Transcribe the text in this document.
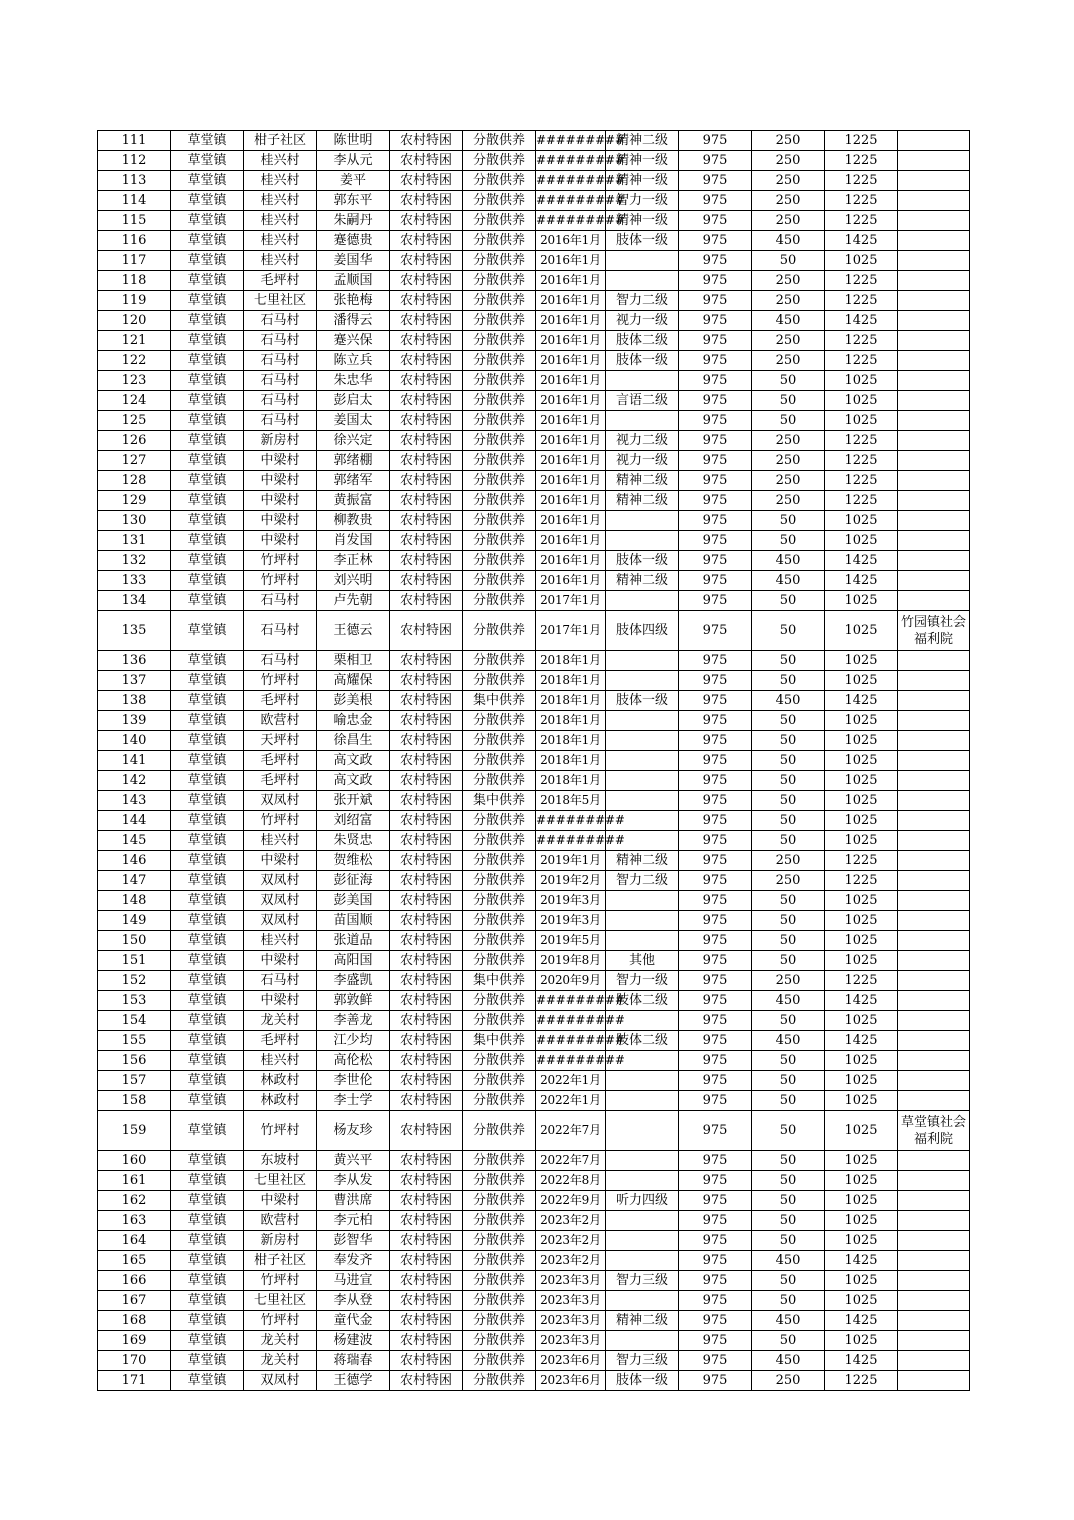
111	草堂镇	柑子社区	陈世明	农村特困	分散供养	#########	精神二级	975	250	1225	
112	草堂镇	桂兴村	李从元	农村特困	分散供养	#########	精神一级	975	250	1225	
113	草堂镇	桂兴村	姜平	农村特困	分散供养	#########	精神一级	975	250	1225	
114	草堂镇	桂兴村	郭东平	农村特困	分散供养	#########	智力一级	975	250	1225	
115	草堂镇	桂兴村	朱嗣丹	农村特困	分散供养	#########	精神一级	975	250	1225	
116	草堂镇	桂兴村	蹇德贵	农村特困	分散供养	2016年1月	肢体一级	975	450	1425	
117	草堂镇	桂兴村	姜国华	农村特困	分散供养	2016年1月		975	50	1025	
118	草堂镇	毛坪村	孟顺国	农村特困	分散供养	2016年1月		975	250	1225	
119	草堂镇	七里社区	张艳梅	农村特困	分散供养	2016年1月	智力二级	975	250	1225	
120	草堂镇	石马村	潘得云	农村特困	分散供养	2016年1月	视力一级	975	450	1425	
121	草堂镇	石马村	蹇兴保	农村特困	分散供养	2016年1月	肢体二级	975	250	1225	
122	草堂镇	石马村	陈立兵	农村特困	分散供养	2016年1月	肢体一级	975	250	1225	
123	草堂镇	石马村	朱忠华	农村特困	分散供养	2016年1月		975	50	1025	
124	草堂镇	石马村	彭启太	农村特困	分散供养	2016年1月	言语二级	975	50	1025	
125	草堂镇	石马村	姜国太	农村特困	分散供养	2016年1月		975	50	1025	
126	草堂镇	新房村	徐兴定	农村特困	分散供养	2016年1月	视力二级	975	250	1225	
127	草堂镇	中梁村	郭绪棚	农村特困	分散供养	2016年1月	视力一级	975	250	1225	
128	草堂镇	中梁村	郭绪军	农村特困	分散供养	2016年1月	精神二级	975	250	1225	
129	草堂镇	中梁村	黄振富	农村特困	分散供养	2016年1月	精神二级	975	250	1225	
130	草堂镇	中梁村	柳教贵	农村特困	分散供养	2016年1月		975	50	1025	
131	草堂镇	中梁村	肖发国	农村特困	分散供养	2016年1月		975	50	1025	
132	草堂镇	竹坪村	李正林	农村特困	分散供养	2016年1月	肢体一级	975	450	1425	
133	草堂镇	竹坪村	刘兴明	农村特困	分散供养	2016年1月	精神二级	975	450	1425	
134	草堂镇	石马村	卢先朝	农村特困	分散供养	2017年1月		975	50	1025	
135	草堂镇	石马村	王德云	农村特困	分散供养	2017年1月	肢体四级	975	50	1025	竹园镇社会福利院
136	草堂镇	石马村	栗相卫	农村特困	分散供养	2018年1月		975	50	1025	
137	草堂镇	竹坪村	高耀保	农村特困	分散供养	2018年1月		975	50	1025	
138	草堂镇	毛坪村	彭美根	农村特困	集中供养	2018年1月	肢体一级	975	450	1425	
139	草堂镇	欧营村	喻忠金	农村特困	分散供养	2018年1月		975	50	1025	
140	草堂镇	天坪村	徐昌生	农村特困	分散供养	2018年1月		975	50	1025	
141	草堂镇	毛坪村	高文政	农村特困	分散供养	2018年1月		975	50	1025	
142	草堂镇	毛坪村	高文政	农村特困	分散供养	2018年1月		975	50	1025	
143	草堂镇	双凤村	张开斌	农村特困	集中供养	2018年5月		975	50	1025	
144	草堂镇	竹坪村	刘绍富	农村特困	分散供养	#########		975	50	1025	
145	草堂镇	桂兴村	朱贤忠	农村特困	分散供养	#########		975	50	1025	
146	草堂镇	中梁村	贺维松	农村特困	分散供养	2019年1月	精神二级	975	250	1225	
147	草堂镇	双凤村	彭征海	农村特困	分散供养	2019年2月	智力二级	975	250	1225	
148	草堂镇	双凤村	彭美国	农村特困	分散供养	2019年3月		975	50	1025	
149	草堂镇	双凤村	苗国顺	农村特困	分散供养	2019年3月		975	50	1025	
150	草堂镇	桂兴村	张道品	农村特困	分散供养	2019年5月		975	50	1025	
151	草堂镇	中梁村	高阳国	农村特困	分散供养	2019年8月	其他	975	50	1025	
152	草堂镇	石马村	李盛凯	农村特困	集中供养	2020年9月	智力一级	975	250	1225	
153	草堂镇	中梁村	郭敦鲜	农村特困	分散供养	#########	肢体二级	975	450	1425	
154	草堂镇	龙关村	李善龙	农村特困	分散供养	#########		975	50	1025	
155	草堂镇	毛坪村	江少均	农村特困	集中供养	#########	肢体二级	975	450	1425	
156	草堂镇	桂兴村	高伦松	农村特困	分散供养	#########		975	50	1025	
157	草堂镇	林政村	李世伦	农村特困	分散供养	2022年1月		975	50	1025	
158	草堂镇	林政村	李士学	农村特困	分散供养	2022年1月		975	50	1025	
159	草堂镇	竹坪村	杨友珍	农村特困	分散供养	2022年7月		975	50	1025	草堂镇社会福利院
160	草堂镇	东坡村	黄兴平	农村特困	分散供养	2022年7月		975	50	1025	
161	草堂镇	七里社区	李从发	农村特困	分散供养	2022年8月		975	50	1025	
162	草堂镇	中梁村	曹洪席	农村特困	分散供养	2022年9月	听力四级	975	50	1025	
163	草堂镇	欧营村	李元柏	农村特困	分散供养	2023年2月		975	50	1025	
164	草堂镇	新房村	彭智华	农村特困	分散供养	2023年2月		975	50	1025	
165	草堂镇	柑子社区	奉发齐	农村特困	分散供养	2023年2月		975	450	1425	
166	草堂镇	竹坪村	马进宣	农村特困	分散供养	2023年3月	智力三级	975	50	1025	
167	草堂镇	七里社区	李从登	农村特困	分散供养	2023年3月		975	50	1025	
168	草堂镇	竹坪村	童代金	农村特困	分散供养	2023年3月	精神二级	975	450	1425	
169	草堂镇	龙关村	杨建波	农村特困	分散供养	2023年3月		975	50	1025	
170	草堂镇	龙关村	蒋瑞春	农村特困	分散供养	2023年6月	智力三级	975	450	1425	
171	草堂镇	双凤村	王德学	农村特困	分散供养	2023年6月	肢体一级	975	250	1225	
